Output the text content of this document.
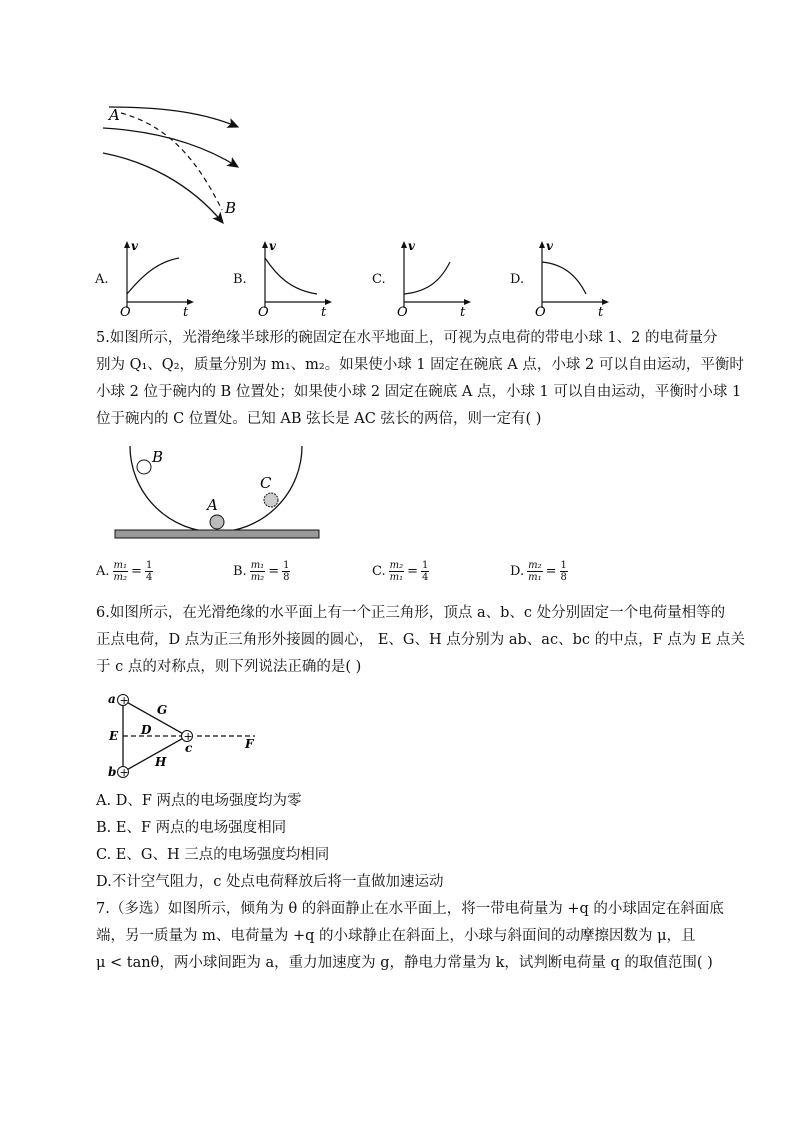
A
B
A.
v
t
O
B.
v
t
O
C.
v
t
O
D.
v
t
O
5.如图所示，光滑绝缘半球形的碗固定在水平地面上，可视为点电荷的带电小球 1、2 的电荷量分
别为 Q₁、Q₂，质量分别为 m₁、m₂。如果使小球 1 固定在碗底 A 点，小球 2 可以自由运动，平衡时
小球 2 位于碗内的 B 位置处；如果使小球 2 固定在碗底 A 点，小球 1 可以自由运动，平衡时小球 1
位于碗内的 C 位置处。已知 AB 弦长是 AC 弦长的两倍，则一定有( )
A
B
C
A. $\frac{\text{m₁}}{\text{m₂}} = \frac{1}{4}$	B. $\frac{\text{m₁}}{\text{m₂}} = \frac{1}{8}$	C. $\frac{\text{m₂}}{\text{m₁}} = \frac{1}{4}$	D. $\frac{\text{m₂}}{\text{m₁}} = \frac{1}{8}$
6.如图所示，在光滑绝缘的水平面上有一个正三角形，顶点 a、b、c 处分别固定一个电荷量相等的
正点电荷，D 点为正三角形外接圆的圆心， E、G、H 点分别为 ab、ac、bc 的中点，F 点为 E 点关
于 c 点的对称点，则下列说法正确的是( )
+
+
+
a
b
c
D
E
F
G
H
A. D、F 两点的电场强度均为零
B. E、F 两点的电场强度相同
C. E、G、H 三点的电场强度均相同
D.不计空气阻力，c 处点电荷释放后将一直做加速运动
7.（多选）如图所示，倾角为 θ 的斜面静止在水平面上，将一带电荷量为 +q 的小球固定在斜面底
端，另一质量为 m、电荷量为 +q 的小球静止在斜面上，小球与斜面间的动摩擦因数为 μ，且
μ < tanθ，两小球间距为 a，重力加速度为 g，静电力常量为 k，试判断电荷量 q 的取值范围( )
